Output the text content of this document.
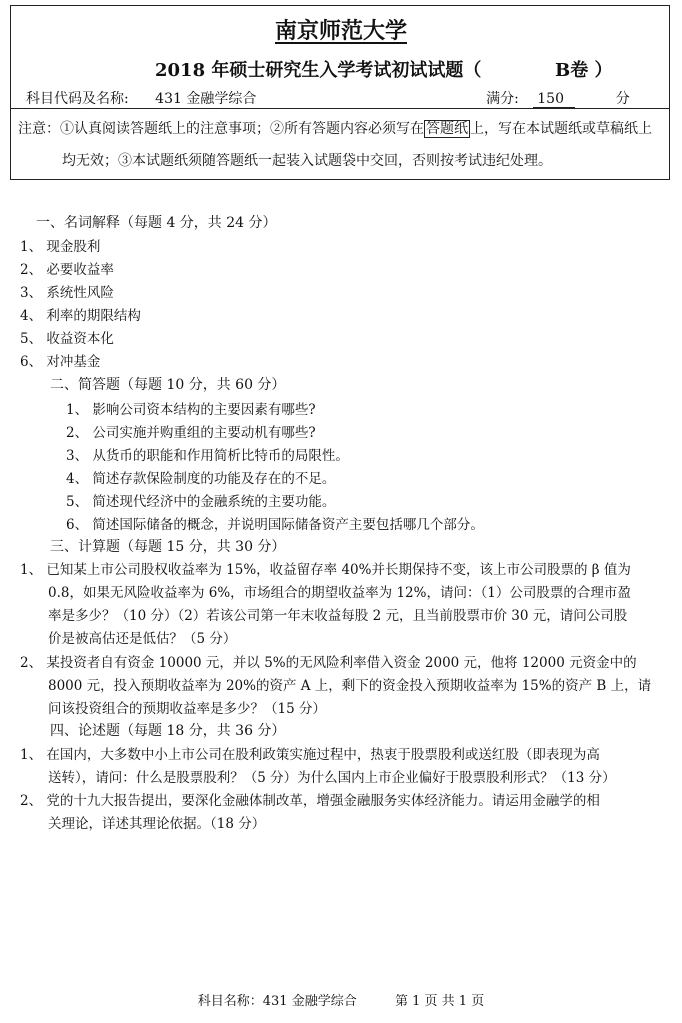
南京师范大学
2018 年硕士研究生入学考试初试试题（	B卷 ）
科目代码及名称: 431 金融学综合	满分: 150	分
注意：①认真阅读答题纸上的注意事项；②所有答题内容必须写在 答题纸 上，写在本试题纸或草稿纸上
均无效；③本试题纸须随答题纸一起装入试题袋中交回，否则按考试违纪处理。
一、名词解释（每题 4 分，共 24 分）
1、 现金股利
2、 必要收益率
3、 系统性风险
4、 利率的期限结构
5、 收益资本化
6、 对冲基金
二、简答题（每题 10 分，共 60 分）
1、 影响公司资本结构的主要因素有哪些?
2、 公司实施并购重组的主要动机有哪些?
3、 从货币的职能和作用简析比特币的局限性。
4、 简述存款保险制度的功能及存在的不足。
5、 简述现代经济中的金融系统的主要功能。
6、 简述国际储备的概念，并说明国际储备资产主要包括哪几个部分。
三、计算题（每题 15 分，共 30 分）
1、 已知某上市公司股权收益率为 15%，收益留存率 40%并长期保持不变，该上市公司股票的 β 值为
0.8，如果无风险收益率为 6%，市场组合的期望收益率为 12%，请问：（1）公司股票的合理市盈
率是多少？（10 分）（2）若该公司第一年末收益每股 2 元，且当前股票市价 30 元，请问公司股
价是被高估还是低估？（5 分）
2、 某投资者自有资金 10000 元，并以 5%的无风险利率借入资金 2000 元，他将 12000 元资金中的
8000 元，投入预期收益率为 20%的资产 A 上，剩下的资金投入预期收益率为 15%的资产 B 上，请
问该投资组合的预期收益率是多少？（15 分）
四、论述题（每题 18 分，共 36 分）
1、 在国内，大多数中小上市公司在股利政策实施过程中，热衷于股票股利或送红股（即表现为高
送转），请问：什么是股票股利？（5 分）为什么国内上市企业偏好于股票股利形式？（13 分）
2、 党的十九大报告提出，要深化金融体制改革，增强金融服务实体经济能力。请运用金融学的相
关理论，详述其理论依据。（18 分）
科目名称：431 金融学综合	第 1 页 共 1 页
